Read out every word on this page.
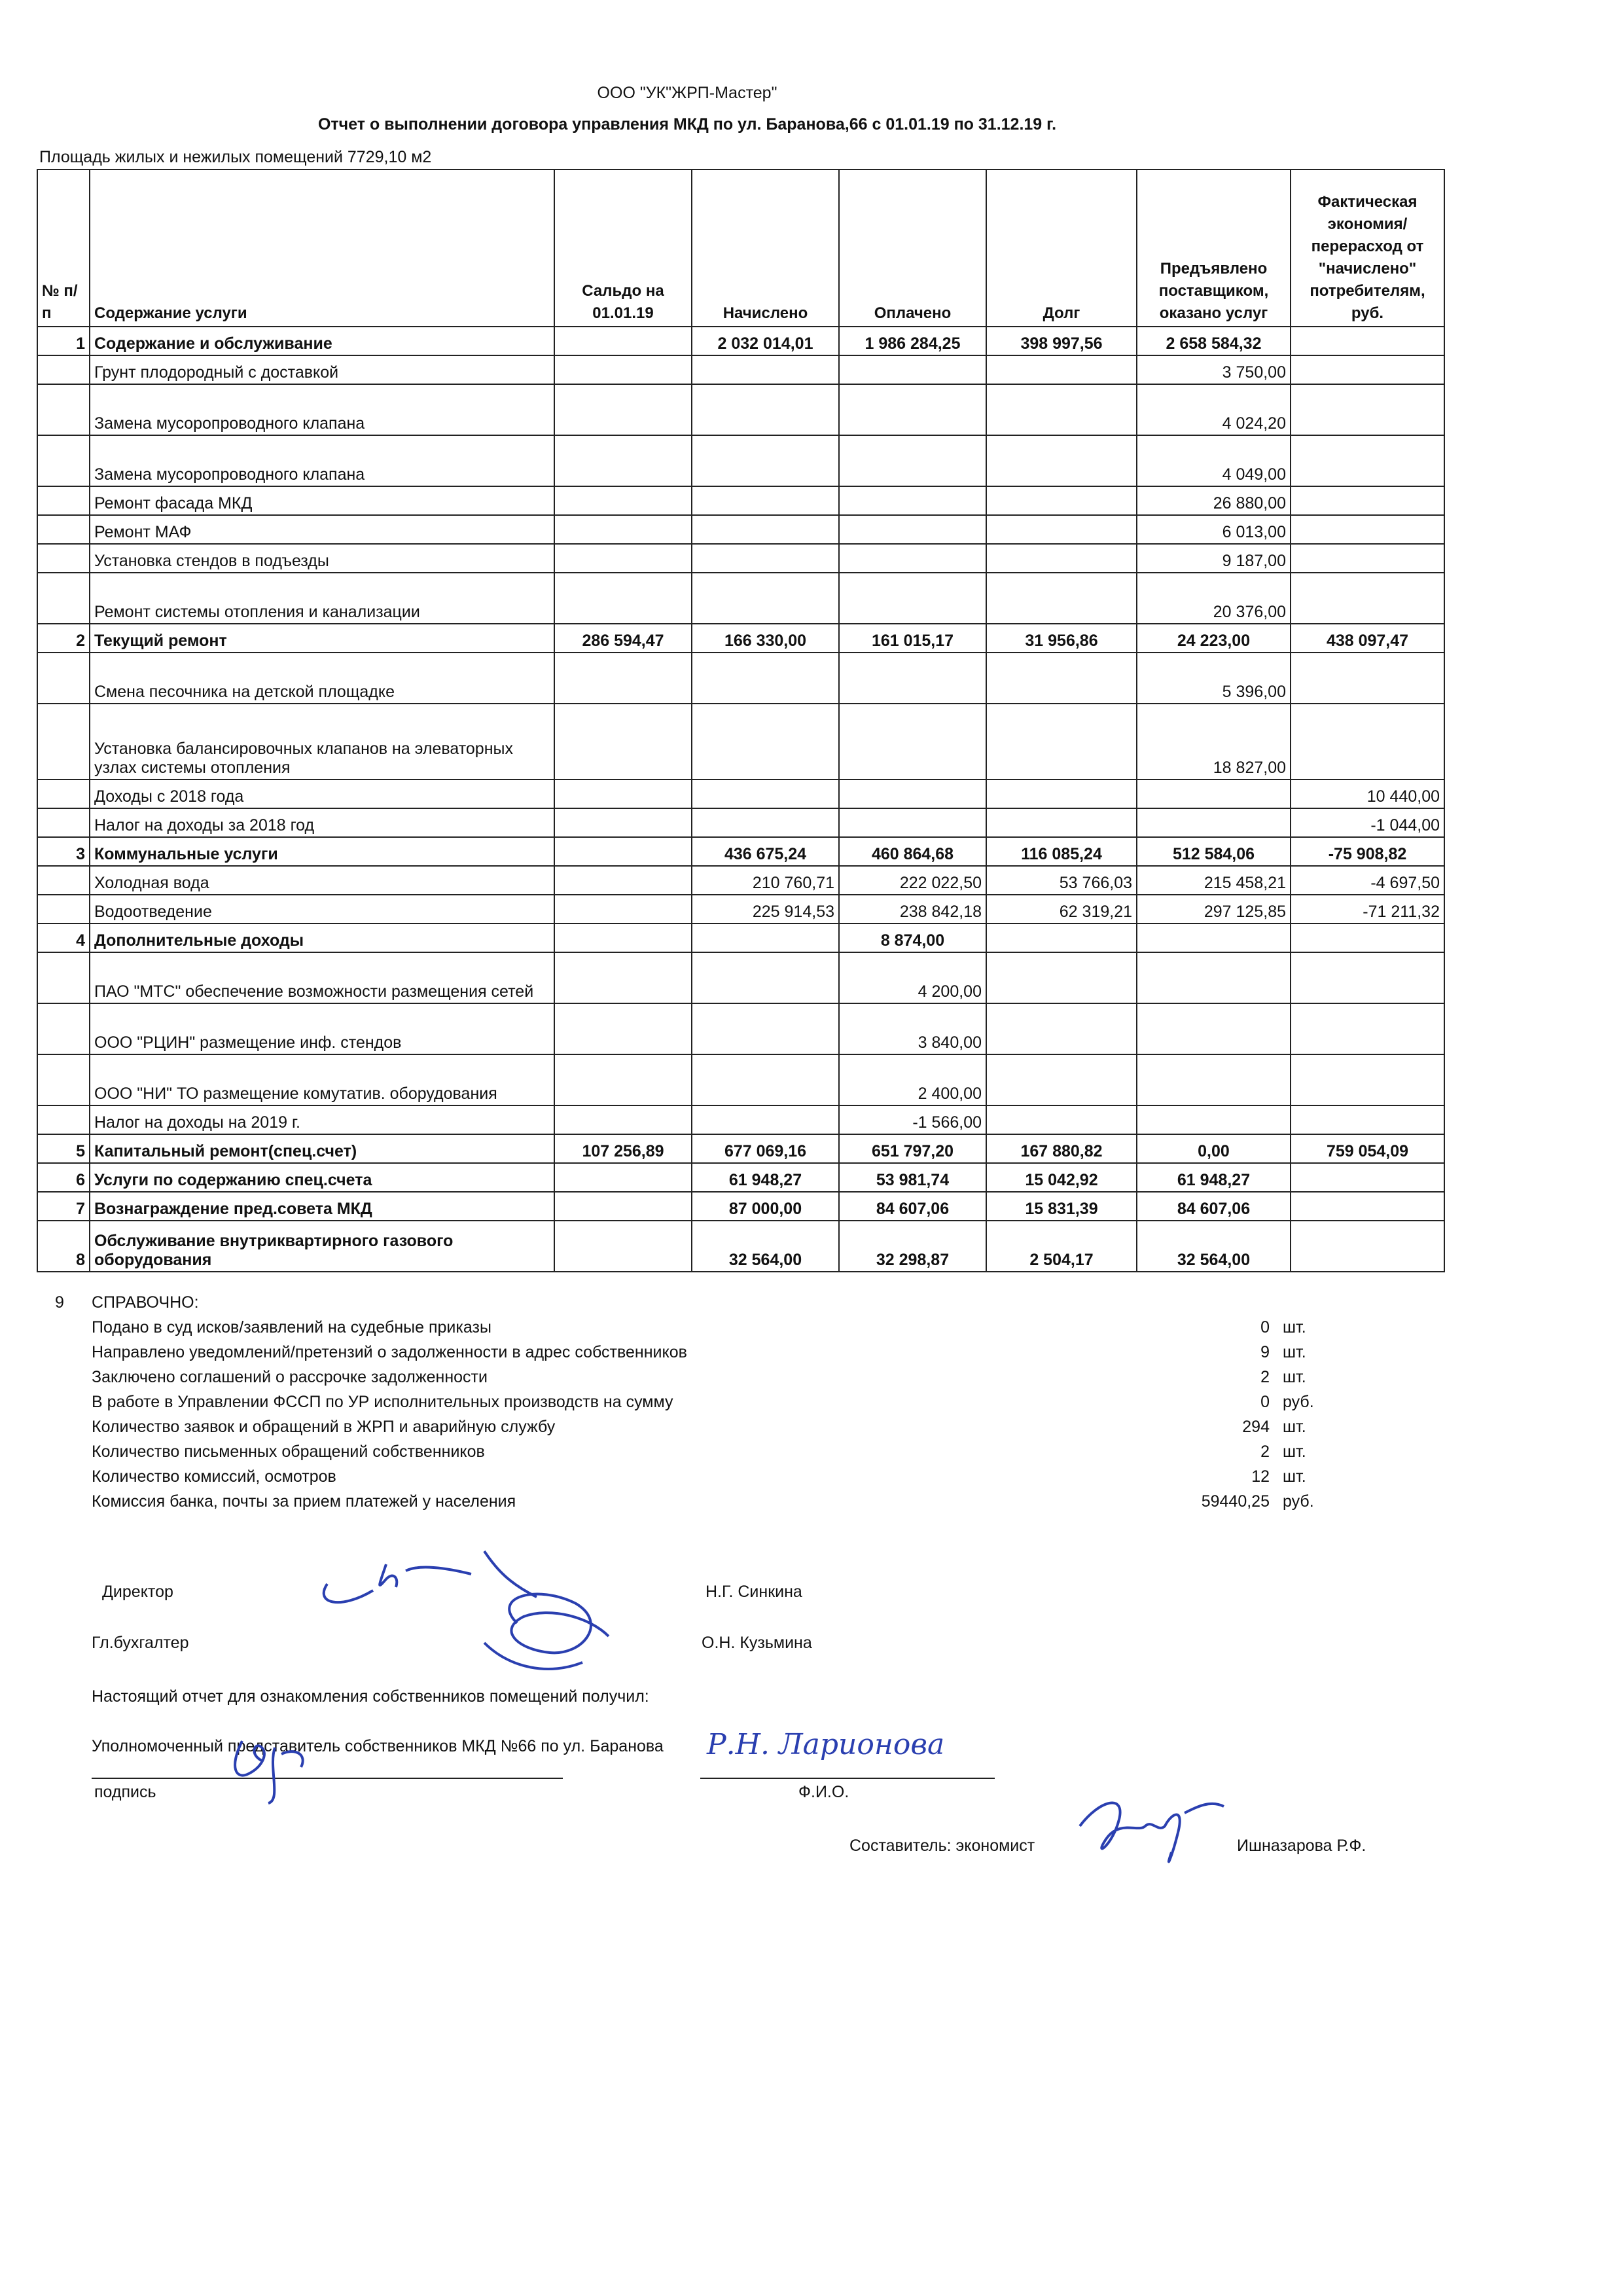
ООО "УК"ЖРП-Мастер"
Отчет о выполнении договора управления МКД по ул. Баранова,66 с 01.01.19 по 31.12.19 г.
Площадь жилых и нежилых помещений 7729,10 м2
№ п/п	Содержание услуги	Сальдо на 01.01.19	Начислено	Оплачено	Долг	Предъявлено поставщиком, оказано услуг	Фактическая экономия/перерасход от "начислено" потребителям, руб.
1	Содержание и обслуживание		2 032 014,01	1 986 284,25	398 997,56	2 658 584,32	
	Грунт плодородный с доставкой					3 750,00	
	Замена мусоропроводного клапана					4 024,20	
	Замена мусоропроводного клапана					4 049,00	
	Ремонт фасада МКД					26 880,00	
	Ремонт МАФ					6 013,00	
	Установка стендов в подъезды					9 187,00	
	Ремонт системы отопления и канализации					20 376,00	
2	Текущий ремонт	286 594,47	166 330,00	161 015,17	31 956,86	24 223,00	438 097,47
	Смена песочника на детской площадке					5 396,00	
	Установка балансировочных клапанов на элеваторных узлах системы отопления					18 827,00	
	Доходы с 2018 года						10 440,00
	Налог на доходы за 2018 год						-1 044,00
3	Коммунальные услуги		436 675,24	460 864,68	116 085,24	512 584,06	-75 908,82
	Холодная вода		210 760,71	222 022,50	53 766,03	215 458,21	-4 697,50
	Водоотведение		225 914,53	238 842,18	62 319,21	297 125,85	-71 211,32
4	Дополнительные доходы			8 874,00			
	ПАО "МТС" обеспечение возможности размещения сетей			4 200,00			
	ООО "РЦИН" размещение инф. стендов			3 840,00			
	ООО "НИ" ТО размещение комутатив. оборудования			2 400,00			
	Налог на доходы на 2019 г.			-1 566,00			
5	Капитальный ремонт(спец.счет)	107 256,89	677 069,16	651 797,20	167 880,82	0,00	759 054,09
6	Услуги по содержанию спец.счета		61 948,27	53 981,74	15 042,92	61 948,27	
7	Вознаграждение пред.совета МКД		87 000,00	84 607,06	15 831,39	84 607,06	
8	Обслуживание внутриквартирного газового оборудования		32 564,00	32 298,87	2 504,17	32 564,00	
9 СПРАВОЧНО:
Подано в суд исков/заявлений на судебные приказы	0 шт.
Направлено уведомлений/претензий о задолженности в адрес собственников	9 шт.
Заключено соглашений о рассрочке задолженности	2 шт.
В работе в Управлении ФССП по УР исполнительных производств на сумму	0 руб.
Количество заявок и обращений в ЖРП и аварийную службу	294 шт.
Количество письменных обращений собственников	2 шт.
Количество комиссий, осмотров	12 шт.
Комиссия банка, почты за прием платежей у населения	59440,25 руб.
Директор	Н.Г. Синкина
Гл.бухгалтер	О.Н. Кузьмина
Настоящий отчет для ознакомления собственников помещений получил:
Уполномоченный представитель собственников МКД №66 по ул. Баранова
подпись	Ф.И.О.
Составитель: экономист	Ишназарова Р.Ф.
Р.Н. Ларионова
